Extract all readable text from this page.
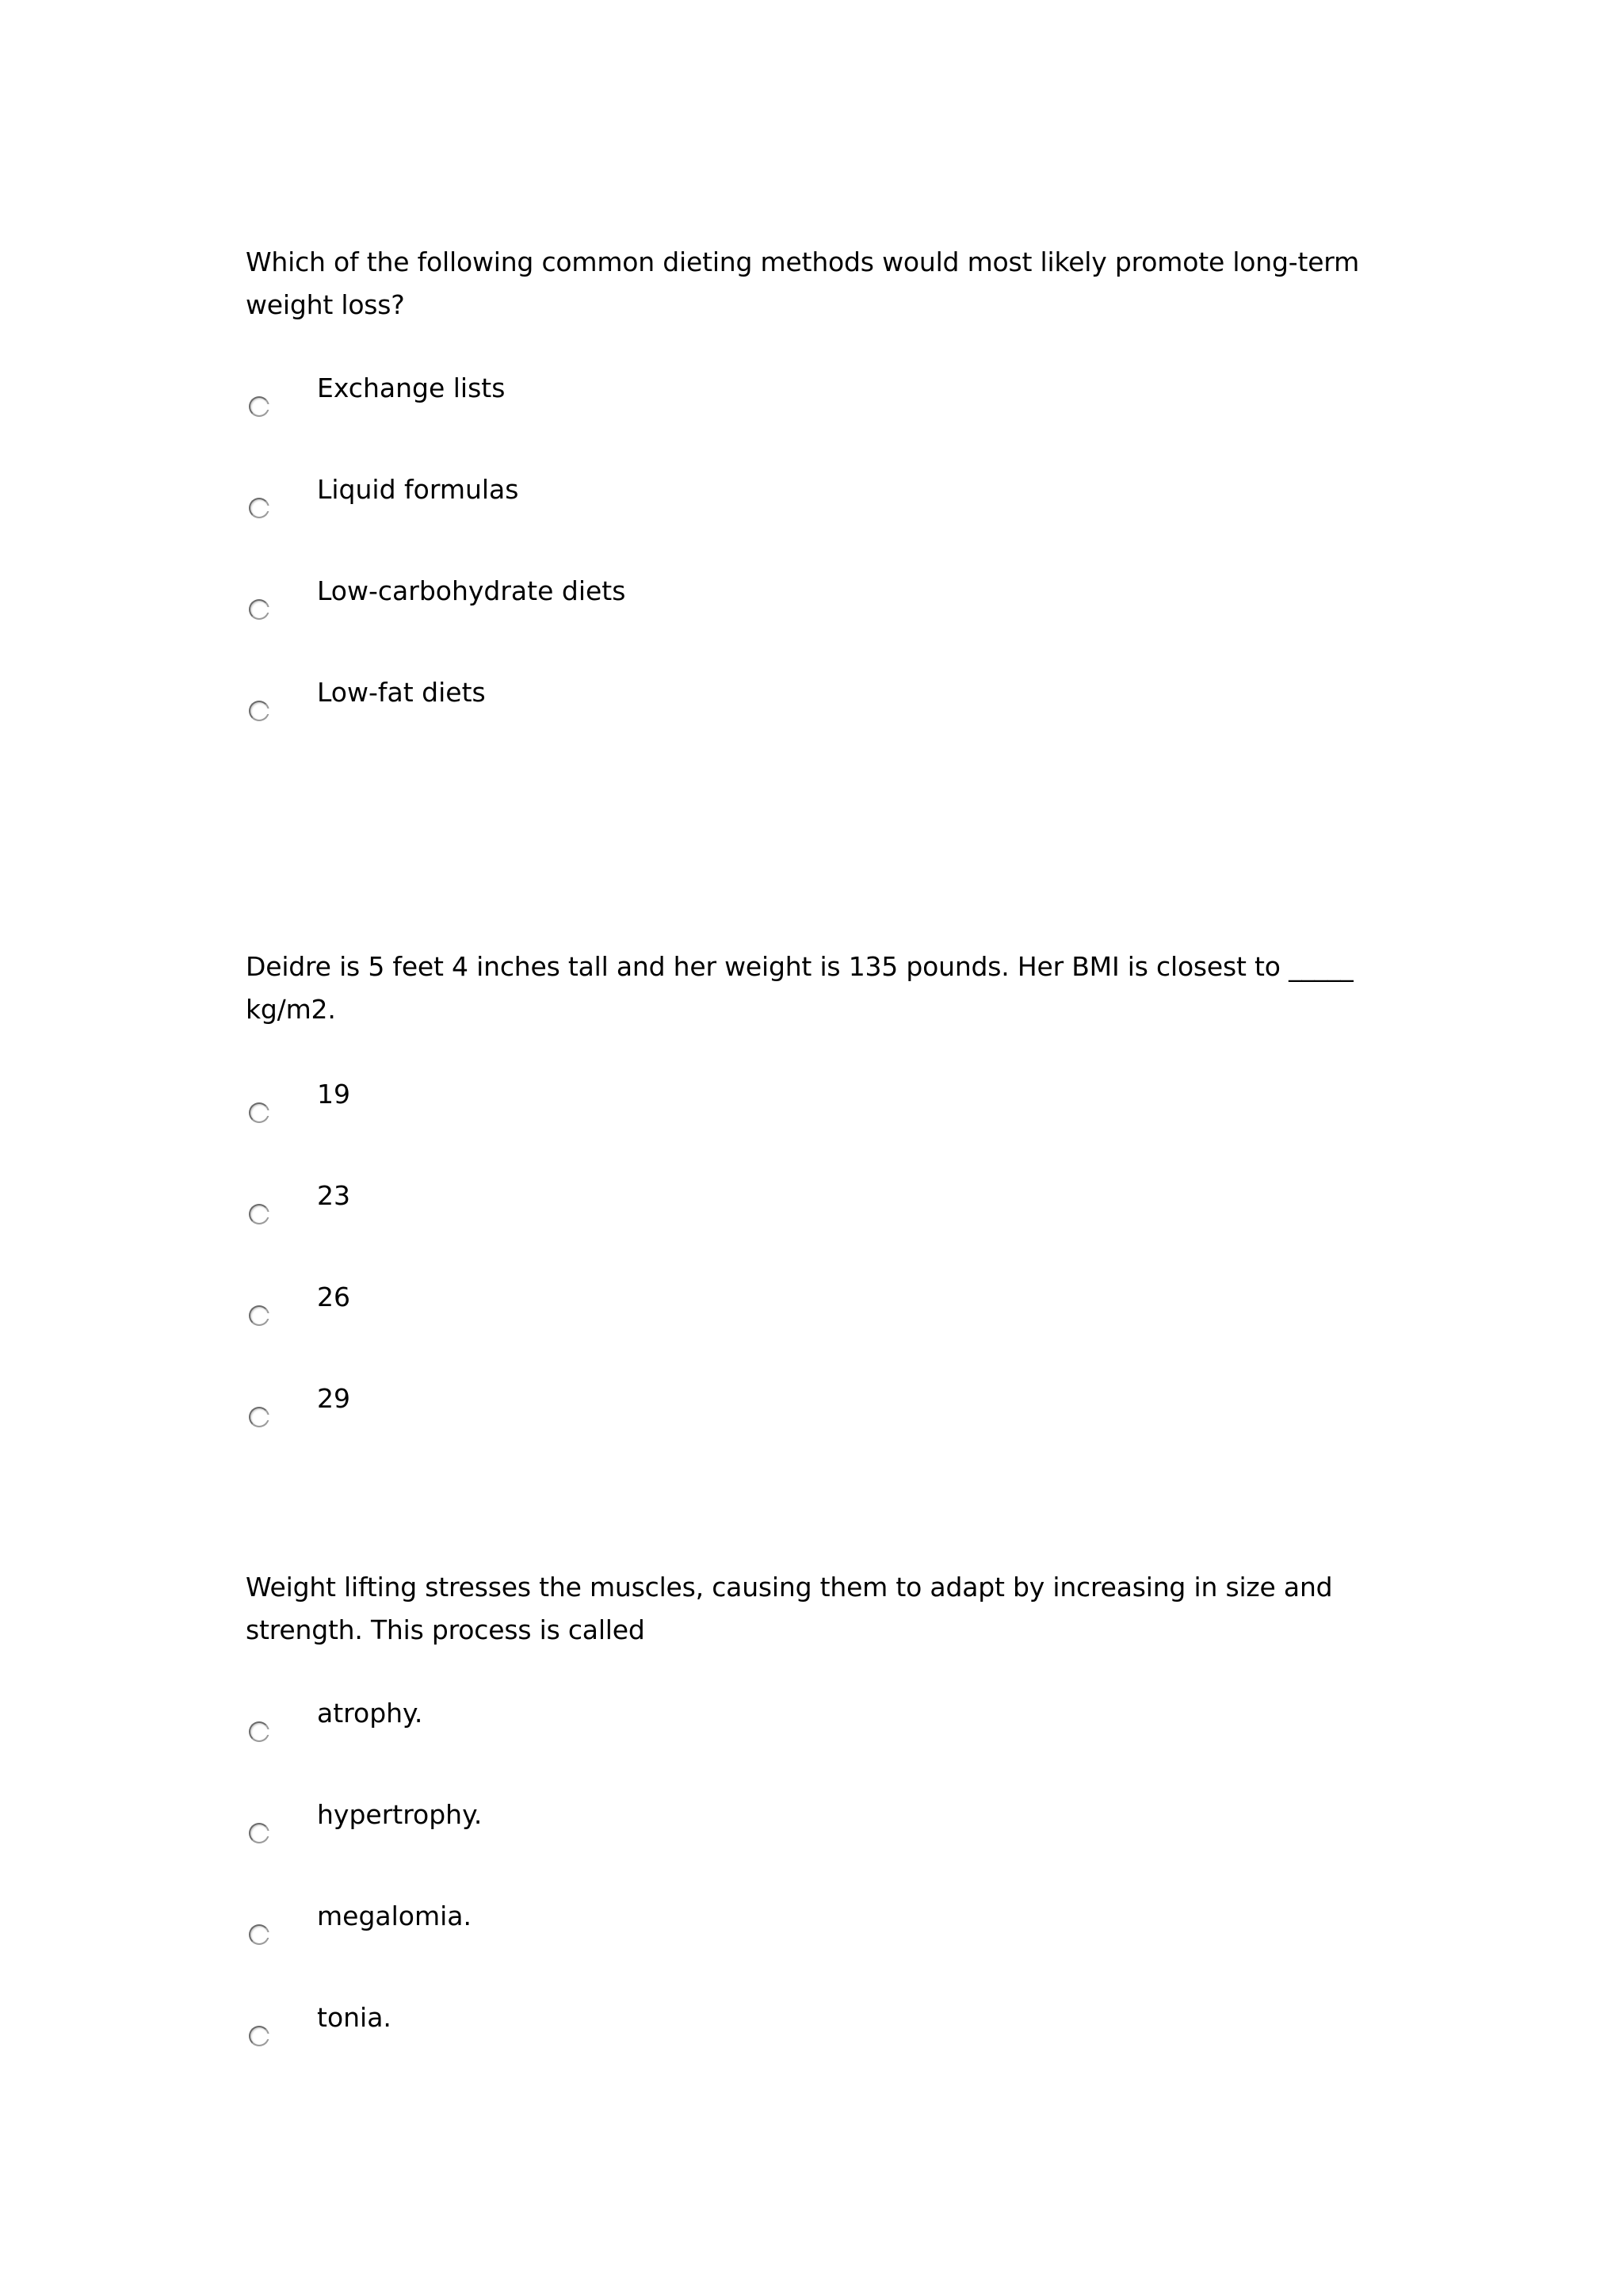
Which of the following common dieting methods would most likely promote long-term weight loss?

Exchange lists
Liquid formulas
Low-carbohydrate diets
Low-fat diets

Deidre is 5 feet 4 inches tall and her weight is 135 pounds. Her BMI is closest to _____ kg/m2.

19
23
26
29

Weight lifting stresses the muscles, causing them to adapt by increasing in size and strength. This process is called

atrophy.
hypertrophy.
megalomia.
tonia.
